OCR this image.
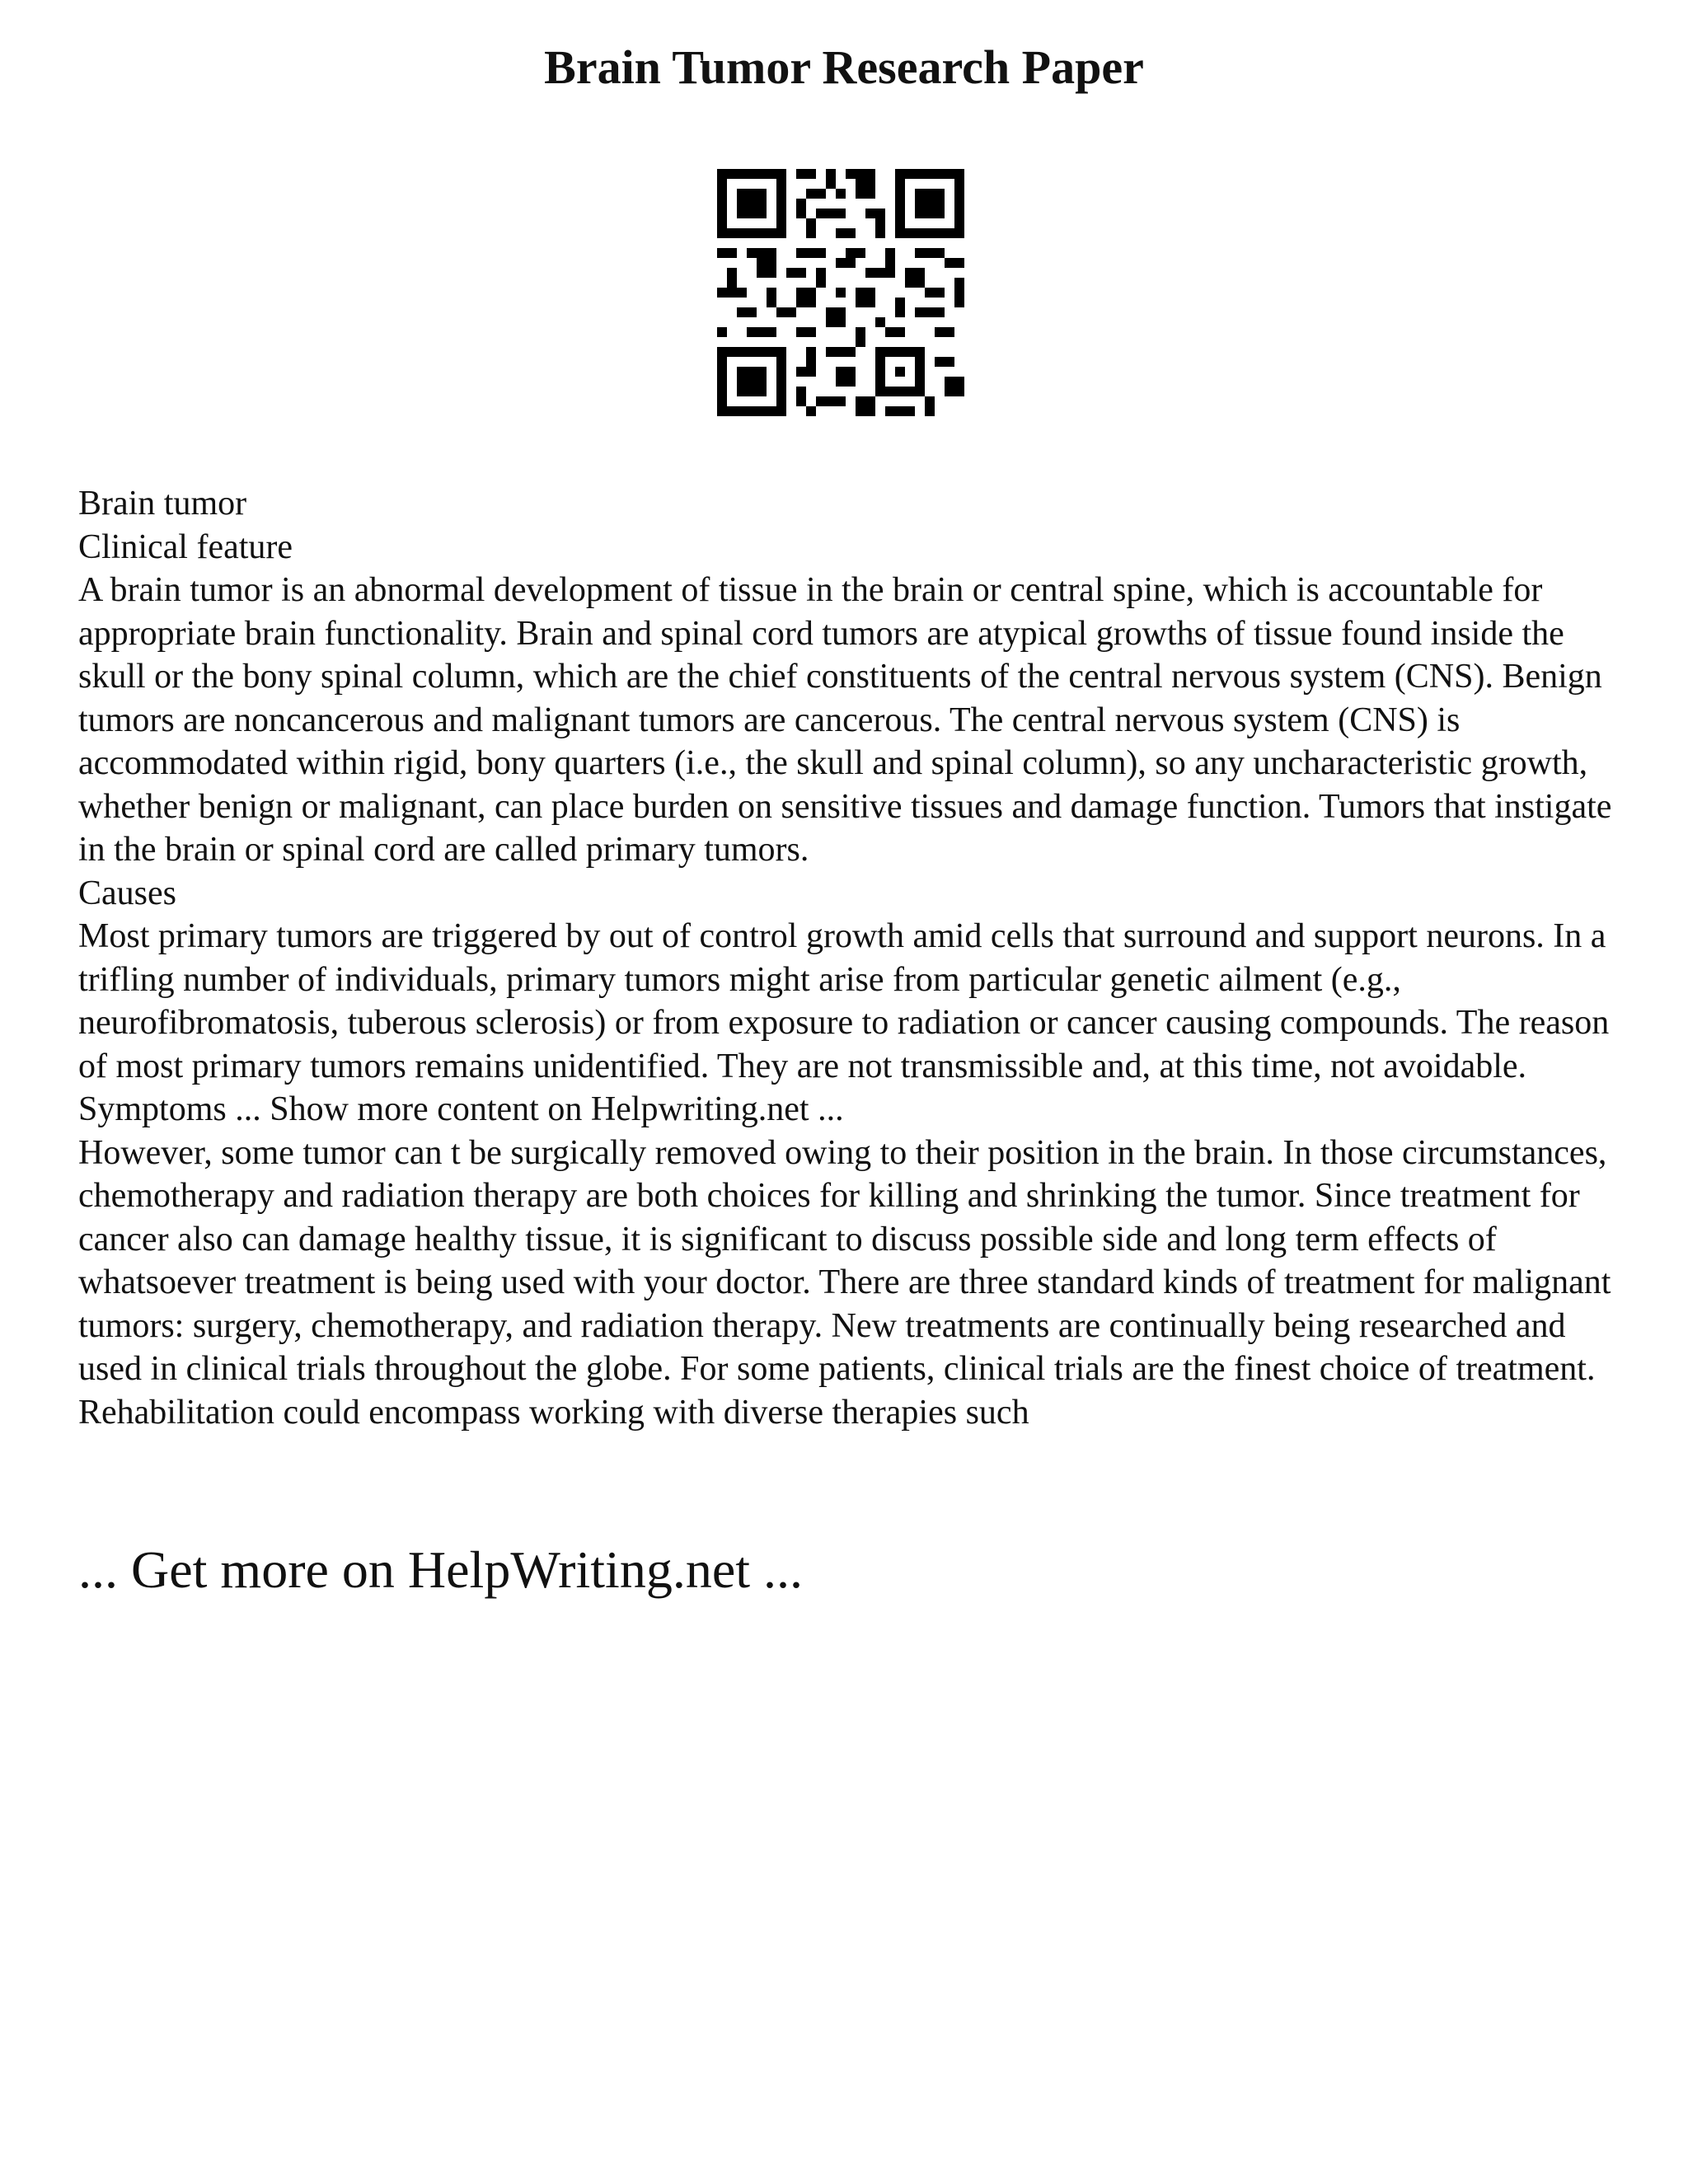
Brain Tumor Research Paper

Brain tumor

Clinical feature

A brain tumor is an abnormal development of tissue in the brain or central spine, which is accountable for appropriate brain functionality. Brain and spinal cord tumors are atypical growths of tissue found inside the skull or the bony spinal column, which are the chief constituents of the central nervous system (CNS). Benign tumors are noncancerous and malignant tumors are cancerous. The central nervous system (CNS) is accommodated within rigid, bony quarters (i.e., the skull and spinal column), so any uncharacteristic growth, whether benign or malignant, can place burden on sensitive tissues and damage function. Tumors that instigate in the brain or spinal cord are called primary tumors.

Causes

Most primary tumors are triggered by out of control growth amid cells that surround and support neurons. In a trifling number of individuals, primary tumors might arise from particular genetic ailment (e.g., neurofibromatosis, tuberous sclerosis) or from exposure to radiation or cancer causing compounds. The reason of most primary tumors remains unidentified. They are not transmissible and, at this time, not avoidable.

Symptoms ... Show more content on Helpwriting.net ...

However, some tumor can t be surgically removed owing to their position in the brain. In those circumstances, chemotherapy and radiation therapy are both choices for killing and shrinking the tumor. Since treatment for cancer also can damage healthy tissue, it is significant to discuss possible side and long term effects of whatsoever treatment is being used with your doctor. There are three standard kinds of treatment for malignant tumors: surgery, chemotherapy, and radiation therapy. New treatments are continually being researched and used in clinical trials throughout the globe. For some patients, clinical trials are the finest choice of treatment. Rehabilitation could encompass working with diverse therapies such

... Get more on HelpWriting.net ...
